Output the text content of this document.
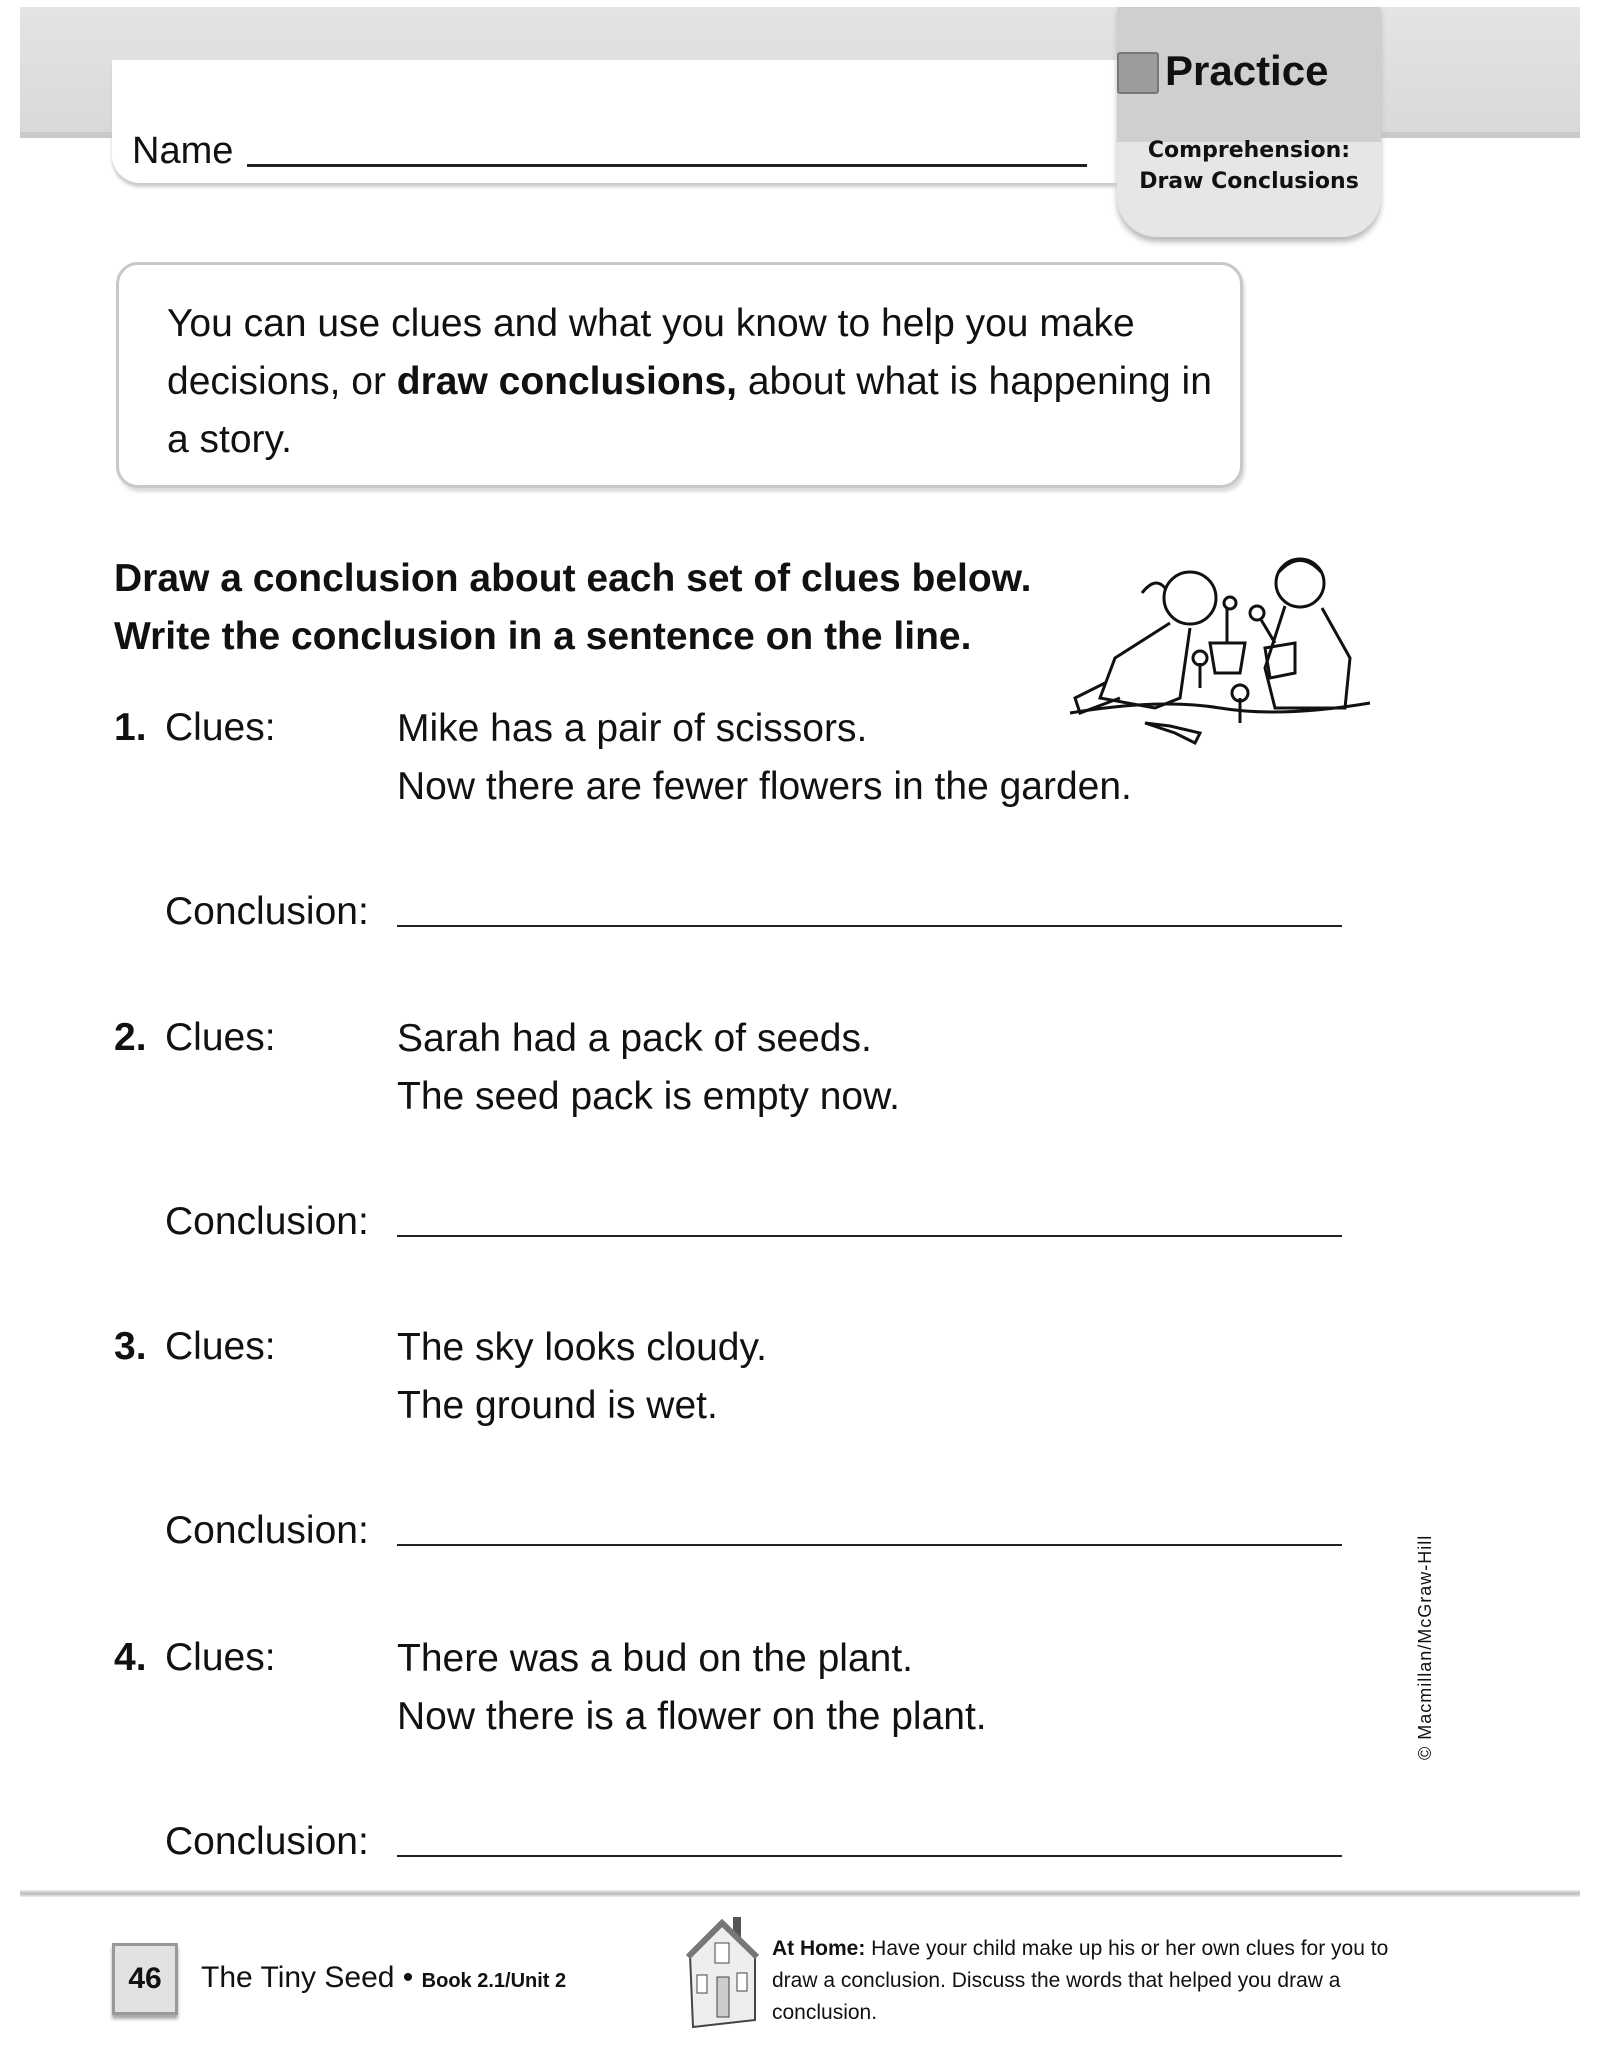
Name
Practice
Comprehension:
Draw Conclusions
You can use clues and what you know to help you make decisions, or draw conclusions, about what is happening in a story.
Draw a conclusion about each set of clues below.
Write the conclusion in a sentence on the line.
1. Clues:	Mike has a pair of scissors.
Now there are fewer flowers in the garden.
Conclusion:
2. Clues:	Sarah had a pack of seeds.
The seed pack is empty now.
Conclusion:
3. Clues:	The sky looks cloudy.
The ground is wet.
Conclusion:
4. Clues:	There was a bud on the plant.
Now there is a flower on the plant.
Conclusion:
© Macmillan/McGraw-Hill
46	The Tiny Seed • Book 2.1/Unit 2
At Home: Have your child make up his or her own clues for you to draw a conclusion. Discuss the words that helped you draw a conclusion.
